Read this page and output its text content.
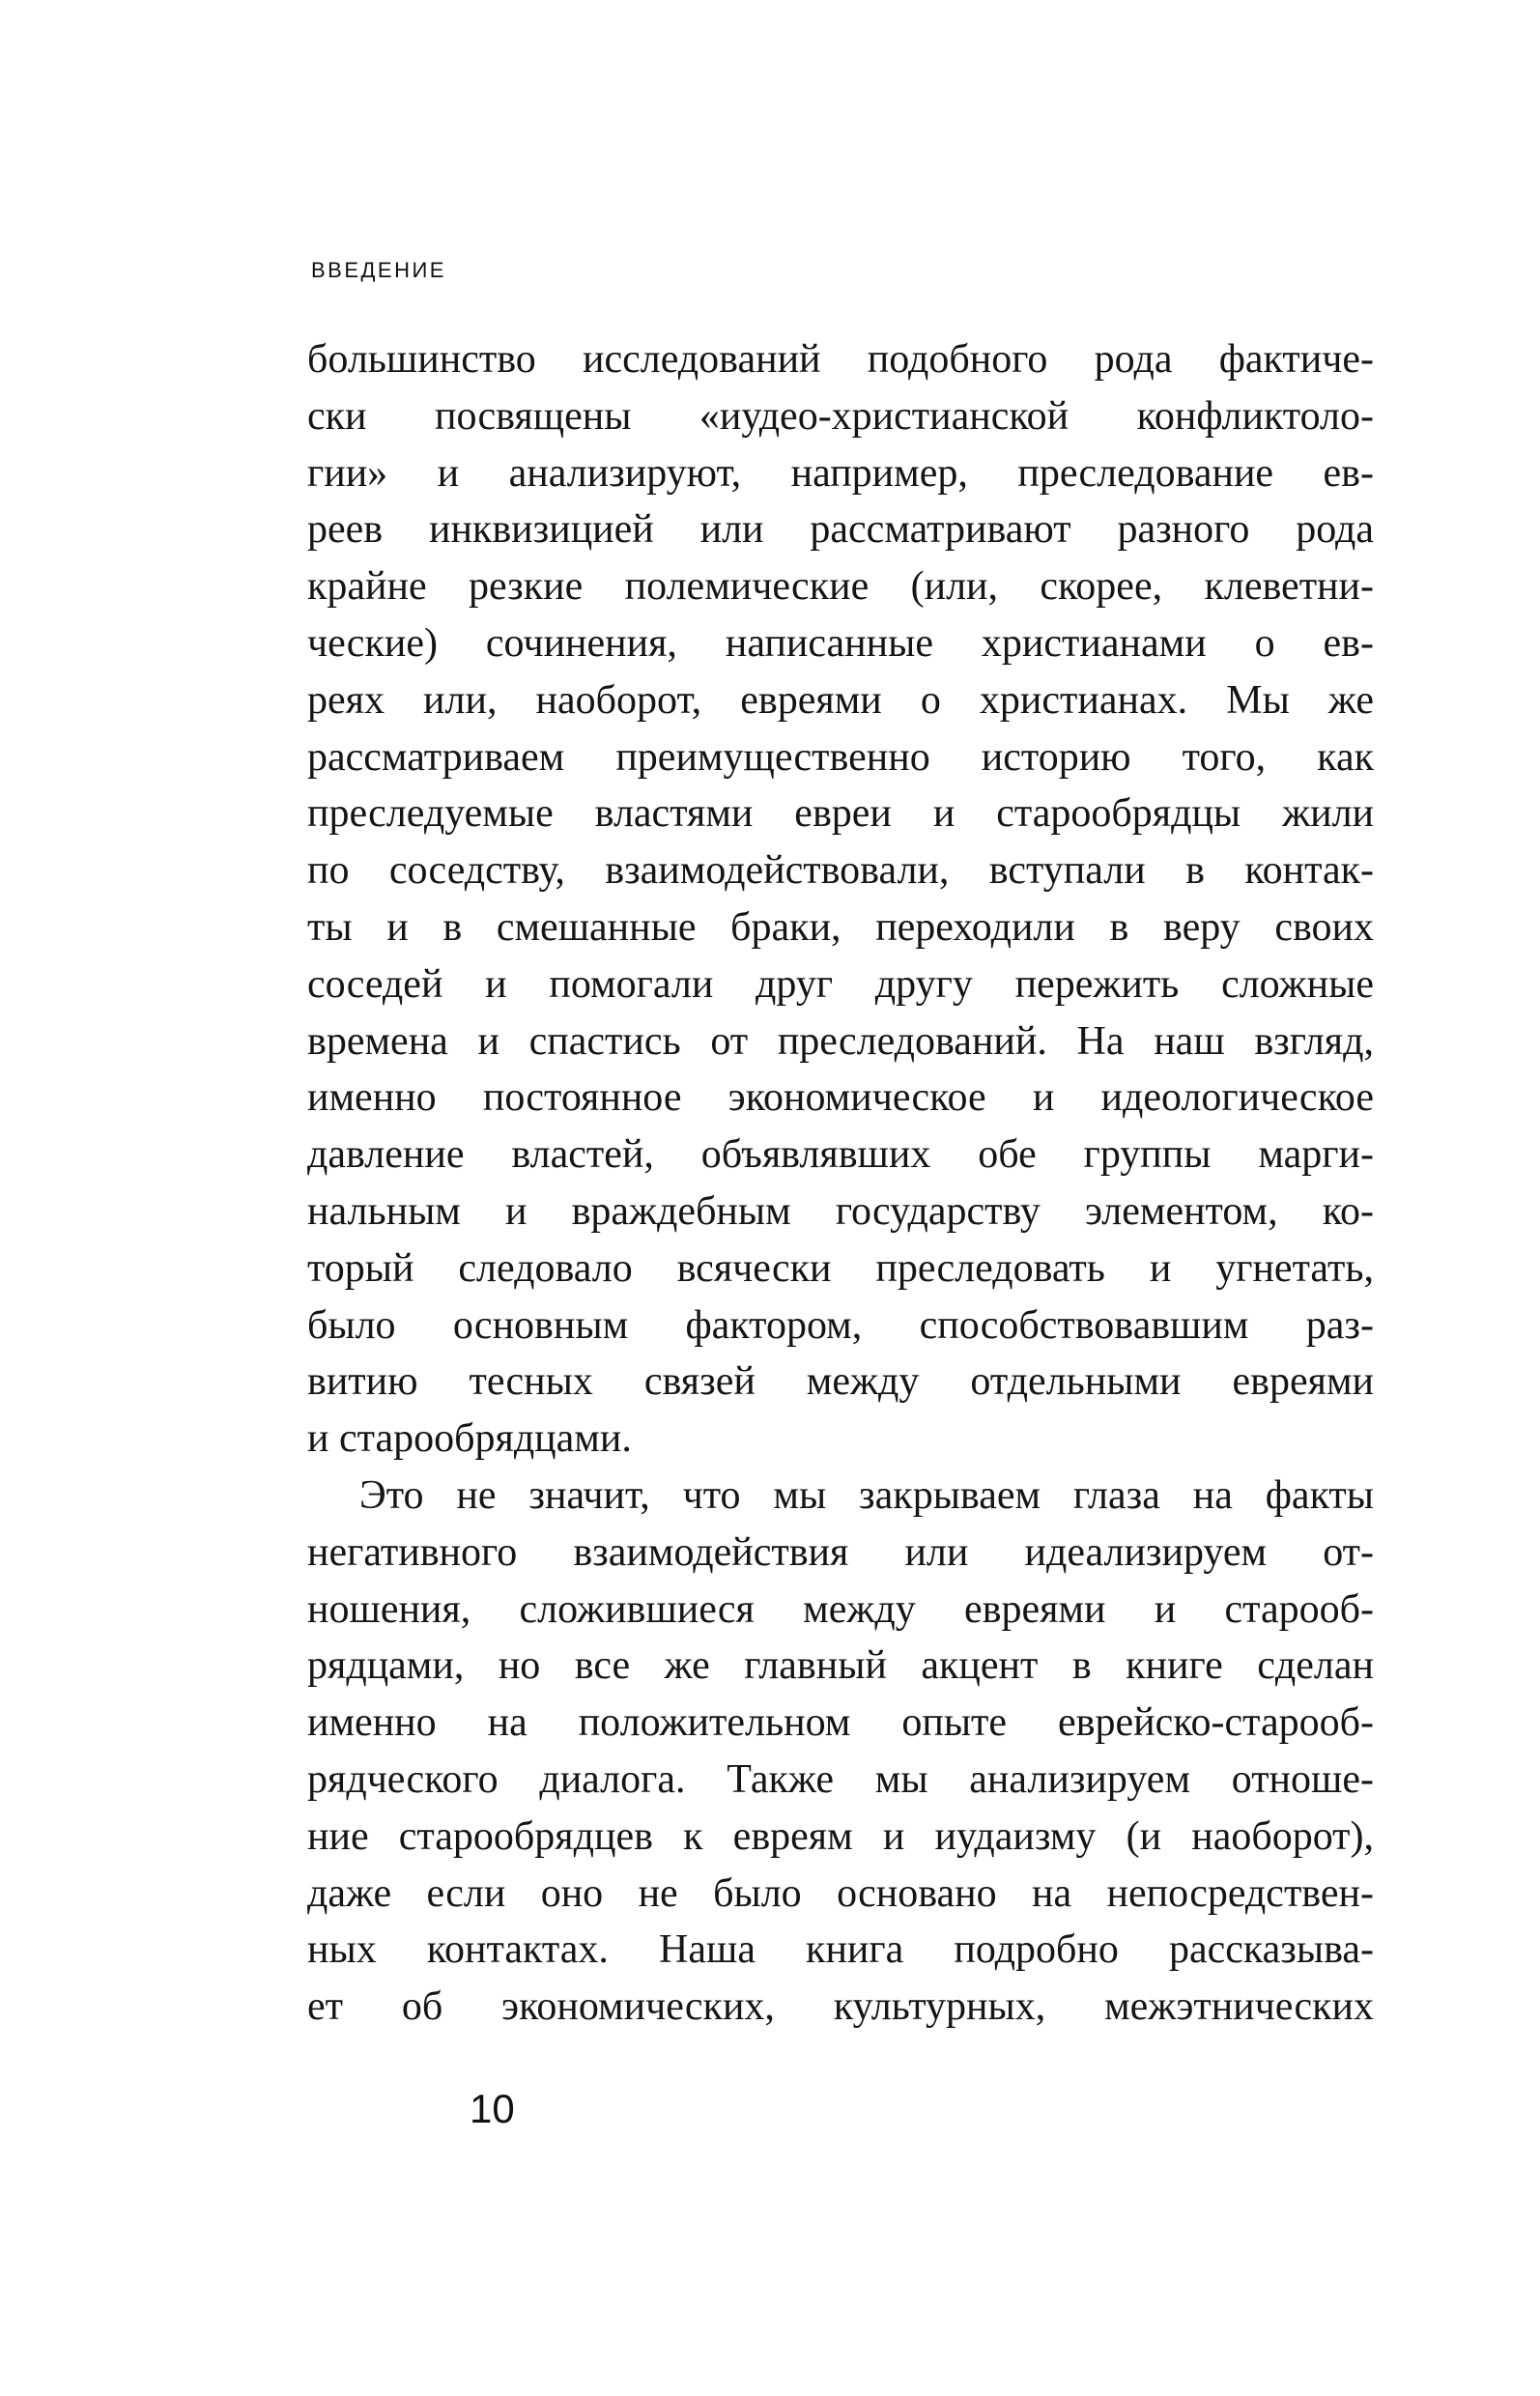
ВВЕДЕНИЕ
большинство исследований подобного рода фактиче-
ски посвящены «иудео-христианской конфликтоло-
гии» и анализируют, например, преследование ев-
реев инквизицией или рассматривают разного рода
крайне резкие полемические (или, скорее, клеветни-
ческие) сочинения, написанные христианами о ев-
реях или, наоборот, евреями о христианах. Мы же
рассматриваем преимущественно историю того, как
преследуемые властями евреи и старообрядцы жили
по соседству, взаимодействовали, вступали в контак-
ты и в смешанные браки, переходили в веру своих
соседей и помогали друг другу пережить сложные
времена и спастись от преследований. На наш взгляд,
именно постоянное экономическое и идеологическое
давление властей, объявлявших обе группы марги-
нальным и враждебным государству элементом, ко-
торый следовало всячески преследовать и угнетать,
было основным фактором, способствовавшим раз-
витию тесных связей между отдельными евреями
и старообрядцами.
Это не значит, что мы закрываем глаза на факты
негативного взаимодействия или идеализируем от-
ношения, сложившиеся между евреями и старооб-
рядцами, но все же главный акцент в книге сделан
именно на положительном опыте еврейско-старооб-
рядческого диалога. Также мы анализируем отноше-
ние старообрядцев к евреям и иудаизму (и наоборот),
даже если оно не было основано на непосредствен-
ных контактах. Наша книга подробно рассказыва-
ет об экономических, культурных, межэтнических
10
